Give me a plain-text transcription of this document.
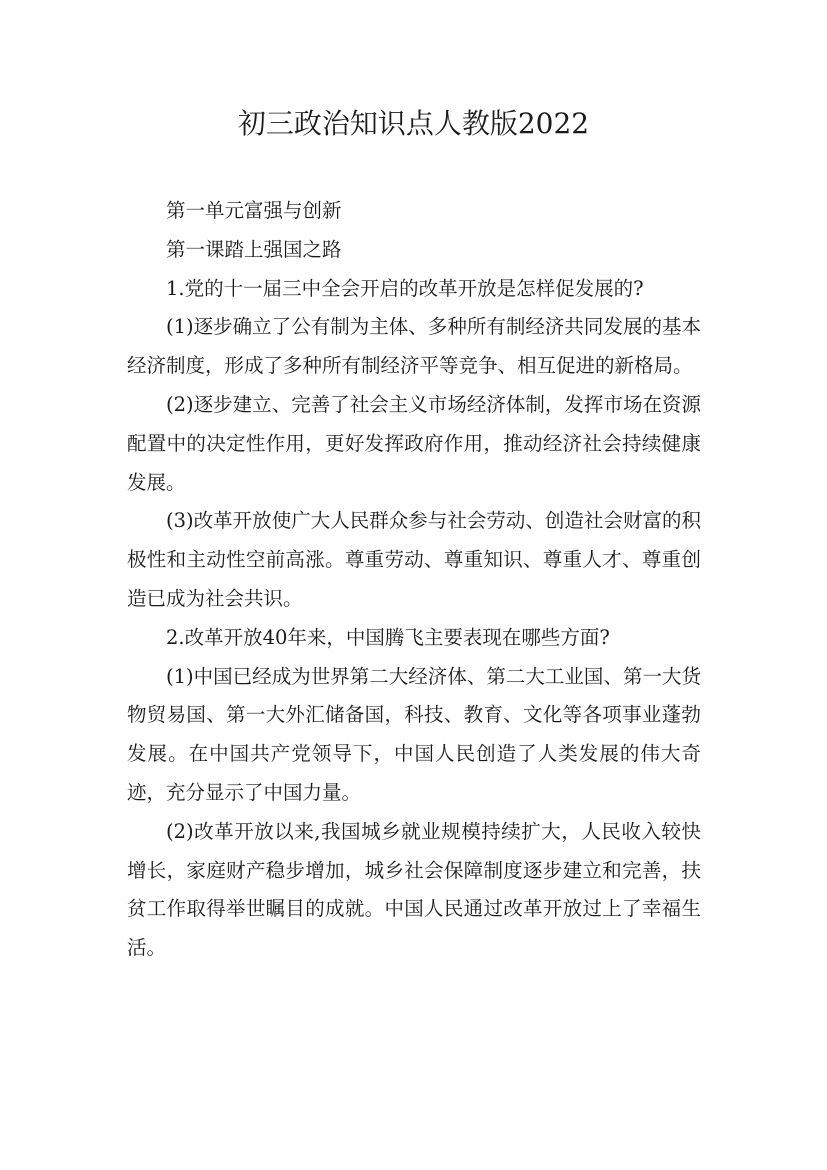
初三政治知识点人教版2022

第一单元富强与创新

第一课踏上强国之路

1.党的十一届三中全会开启的改革开放是怎样促发展的?

(1)逐步确立了公有制为主体、多种所有制经济共同发展的基本经济制度，形成了多种所有制经济平等竞争、相互促进的新格局。

(2)逐步建立、完善了社会主义市场经济体制，发挥市场在资源配置中的决定性作用，更好发挥政府作用，推动经济社会持续健康发展。

(3)改革开放使广大人民群众参与社会劳动、创造社会财富的积极性和主动性空前高涨。尊重劳动、尊重知识、尊重人才、尊重创造已成为社会共识。

2.改革开放40年来，中国腾飞主要表现在哪些方面?

(1)中国已经成为世界第二大经济体、第二大工业国、第一大货物贸易国、第一大外汇储备国，科技、教育、文化等各项事业蓬勃发展。在中国共产党领导下，中国人民创造了人类发展的伟大奇迹，充分显示了中国力量。

(2)改革开放以来,我国城乡就业规模持续扩大，人民收入较快增长，家庭财产稳步增加，城乡社会保障制度逐步建立和完善，扶贫工作取得举世瞩目的成就。中国人民通过改革开放过上了幸福生活。
